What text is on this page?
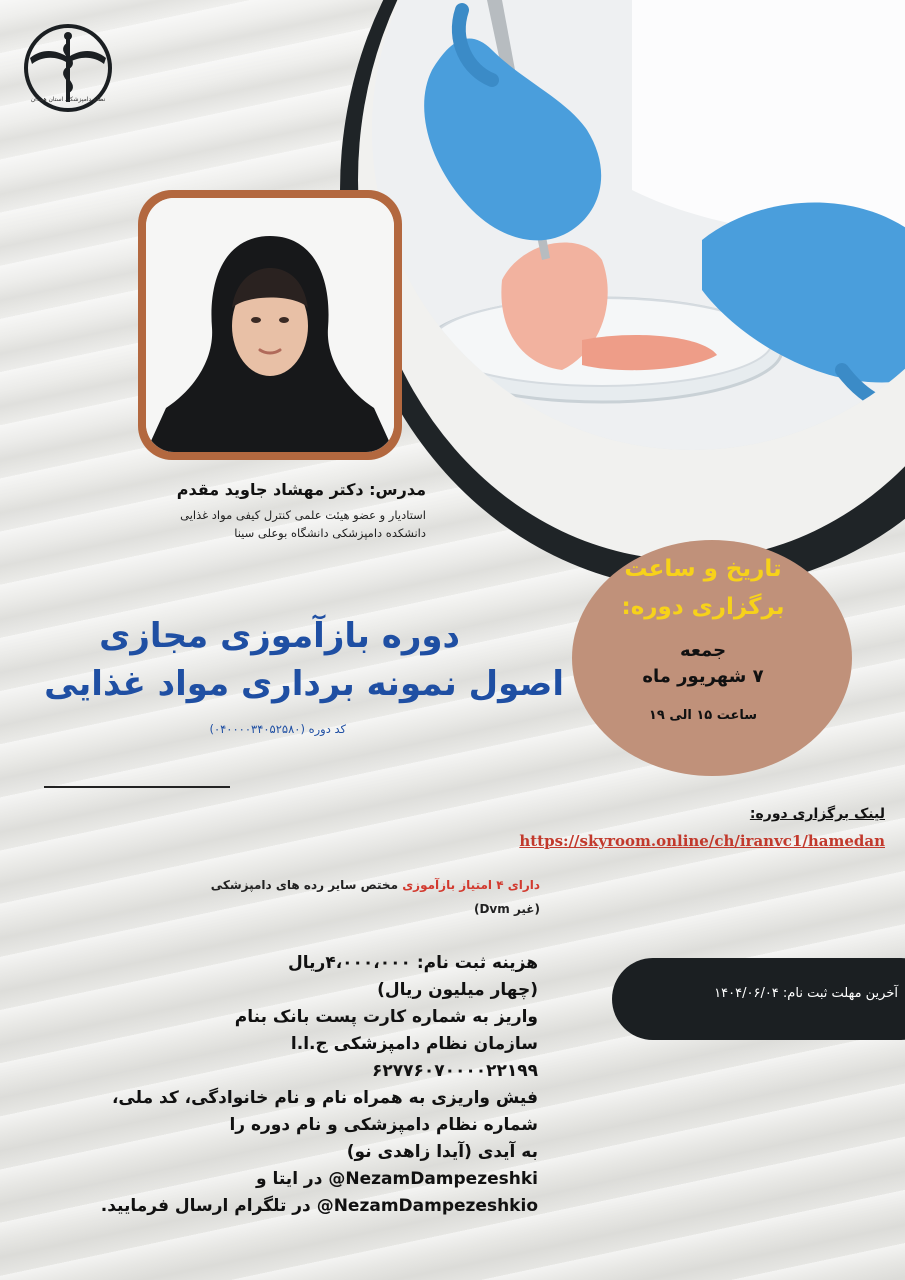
نظام دامپزشکی استان همدان
مدرس: دکتر مهشاد جاوید مقدم
استادیار و عضو هیئت علمی کنترل کیفی مواد غذایی
دانشکده دامپزشکی دانشگاه بوعلی سینا
دوره بازآموزی مجازی
اصول نمونه برداری مواد غذایی
کد دوره (۰۴۰۰۰۰۳۴۰۵۲۵۸۰)
تاریخ و ساعت
برگزاری دوره:
جمعه
۷ شهریور ماه
ساعت ۱۵ الی ۱۹
لینک برگزاری دوره:
https://skyroom.online/ch/iranvc1/hamedan
دارای ۴ امتیاز بازآموزی مختص سایر رده های دامپزشکی
(غیر Dvm)
آخرین مهلت ثبت نام: ۱۴۰۴/۰۶/۰۴
هزینه ثبت نام: ۴،۰۰۰،۰۰۰ریال
(چهار میلیون ریال)
واریز به شماره کارت پست بانک بنام
سازمان نظام دامپزشکی ج.ا.ا
۶۲۷۷۶۰۷۰۰۰۰۲۲۱۹۹
فیش واریزی به همراه نام و نام خانوادگی، کد ملی،
شماره نظام دامپزشکی و نام دوره را
به آیدی (آیدا زاهدی نو)
NezamDampezeshki@ در ایتا و
NezamDampezeshkio@ در تلگرام ارسال فرمایید.
